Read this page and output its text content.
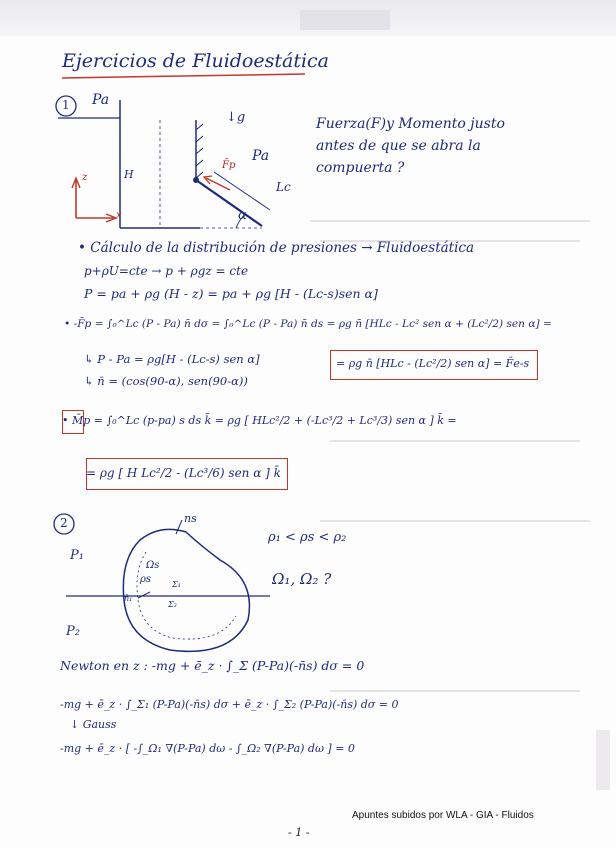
Ejercicios de Fluidoestática
1 Pa
↓g
Pa
H
z
x
Lc
F̄p
α
Fuerza(F)y Momento justo
antes de que se abra la
compuerta ?
• Cálculo de la distribución de presiones → Fluidoestática
p+ρU=cte → p + ρgz = cte
P = pa + ρg (H - z) = pa + ρg [H - (Lc-s)sen α]
• -F̄p = ∫₀^Lc (P - Pa) n̄ dσ = ∫₀^Lc (P - Pa) n̄ ds = ρg n̄ [HLc - Lc² sen α + (Lc²/2) sen α] =
↳ P - Pa = ρg[H - (Lc-s) sen α]
↳ n̄ = (cos(90-α), sen(90-α))
= ρg n̄ [HLc - (Lc²/2) sen α] = F̄e-s
• M̄p = ∫₀^Lc (p-pa) s ds k̄ = ρg [ HLc²/2 + (-Lc³/2 + Lc³/3) sen α ] k̄ =
= ρg [ H Lc²/2 - (Lc³/6) sen α ] k̄
2
P₁
P₂
ns
Ωs
ρs	Σ₁
Σ₂
n̄₁
ρ₁ < ρs < ρ₂
Ω₁, Ω₂ ?
Newton en z : -mg + ē_z · ∫_Σ (P-Pa)(-n̄s) dσ = 0
-mg + ē_z · ∫_Σ₁ (P-Pa)(-n̄s) dσ + ē_z · ∫_Σ₂ (P-Pa)(-n̄s) dσ = 0
↓ Gauss
-mg + ē_z · [ -∫_Ω₁ ∇(P-Pa) dω - ∫_Ω₂ ∇(P-Pa) dω ] = 0
Apuntes subidos por WLA - GIA - Fluidos
- 1 -
